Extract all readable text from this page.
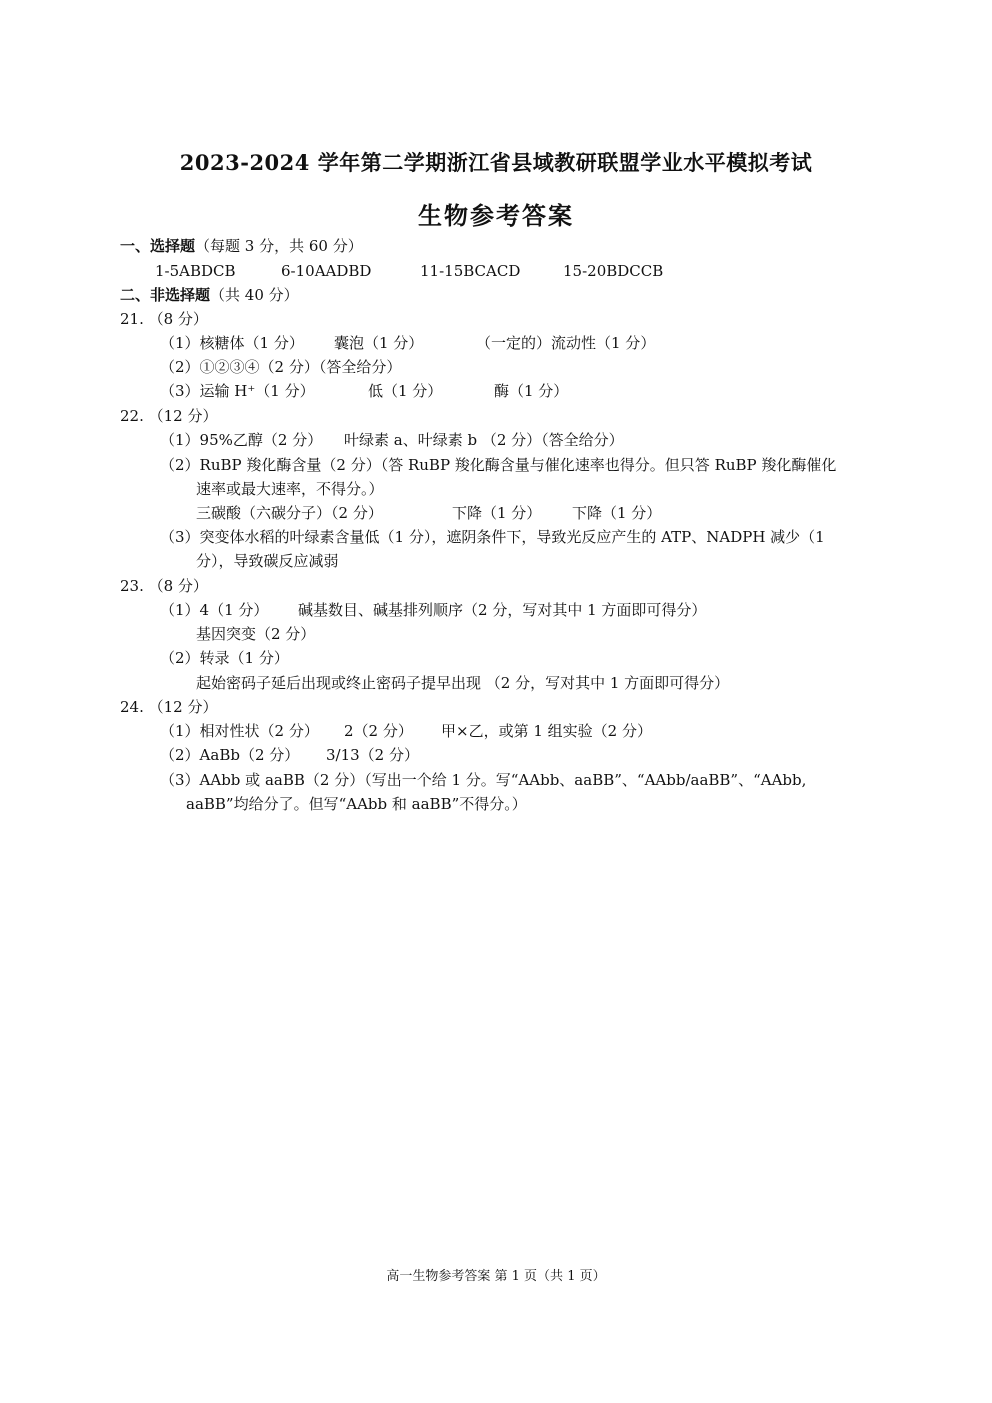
2023-2024 学年第二学期浙江省县域教研联盟学业水平模拟考试
生物参考答案
一、选择题（每题 3 分，共 60 分）
1-5ABDCB	6-10AADBD	11-15BCACD	15-20BDCCB
二、非选择题（共 40 分）
21. （8 分）
（1）核糖体（1 分） 囊泡（1 分）	（一定的）流动性（1 分）
（2）①②③④（2 分）（答全给分）
（3）运输 H⁺（1 分）	低（1 分）	酶（1 分）
22. （12 分）
（1）95%乙醇（2 分） 叶绿素 a、叶绿素 b （2 分）（答全给分）
（2）RuBP 羧化酶含量（2 分）（答 RuBP 羧化酶含量与催化速率也得分。但只答 RuBP 羧化酶催化
速率或最大速率，不得分。）
三碳酸（六碳分子）（2 分）	下降（1 分） 下降（1 分）
（3）突变体水稻的叶绿素含量低（1 分），遮阴条件下，导致光反应产生的 ATP、NADPH 减少（1
分），导致碳反应减弱
23. （8 分）
（1）4（1 分） 碱基数目、碱基排列顺序（2 分，写对其中 1 方面即可得分）
基因突变（2 分）
（2）转录（1 分）
起始密码子延后出现或终止密码子提早出现 （2 分，写对其中 1 方面即可得分）
24. （12 分）
（1）相对性状（2 分） 2（2 分） 甲×乙，或第 1 组实验（2 分）
（2）AaBb（2 分） 3/13（2 分）
（3）AAbb 或 aaBB（2 分）（写出一个给 1 分。写“AAbb、aaBB”、“AAbb/aaBB”、“AAbb,
aaBB”均给分了。但写“AAbb 和 aaBB”不得分。）
高一生物参考答案 第 1 页（共 1 页）
